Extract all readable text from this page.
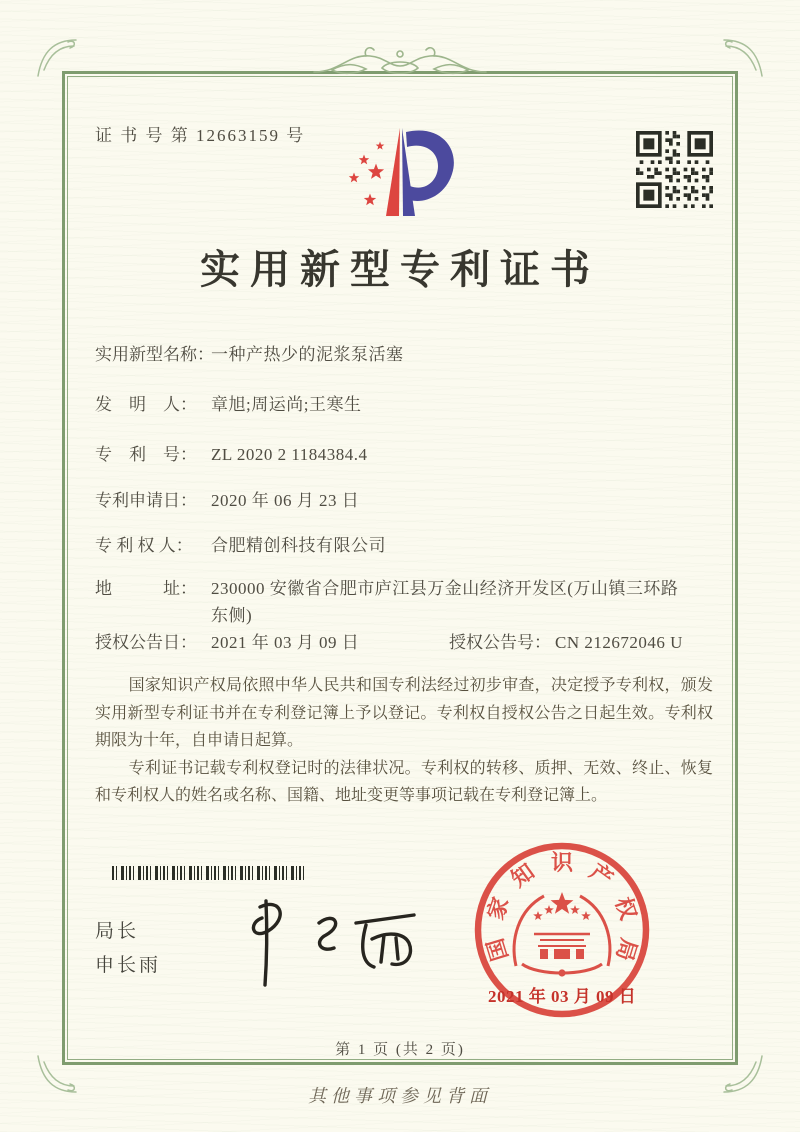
证 书 号 第 12663159 号
实用新型专利证书
实用新型名称：
一种产热少的泥浆泵活塞
发　明　人： 章旭;周运尚;王寒生
专　利　号： ZL 2020 2 1184384.4
专利申请日： 2020 年 06 月 23 日
专 利 权 人：	合肥精创科技有限公司
地　　　址： 230000 安徽省合肥市庐江县万金山经济开发区(万山镇三环路东侧)
授权公告日： 2021 年 03 月 09 日	授权公告号： CN 212672046 U

国家知识产权局依照中华人民共和国专利法经过初步审查，决定授予专利权，颁发实用新型专利证书并在专利登记簿上予以登记。专利权自授权公告之日起生效。专利权期限为十年，自申请日起算。

专利证书记载专利权登记时的法律状况。专利权的转移、质押、无效、终止、恢复和专利权人的姓名或名称、国籍、地址变更等事项记载在专利登记簿上。

局长
申长雨
国
家
知 识 产
权
局
2021 年 03 月 09 日
第 1 页 (共 2 页)
其他事项参见背面
